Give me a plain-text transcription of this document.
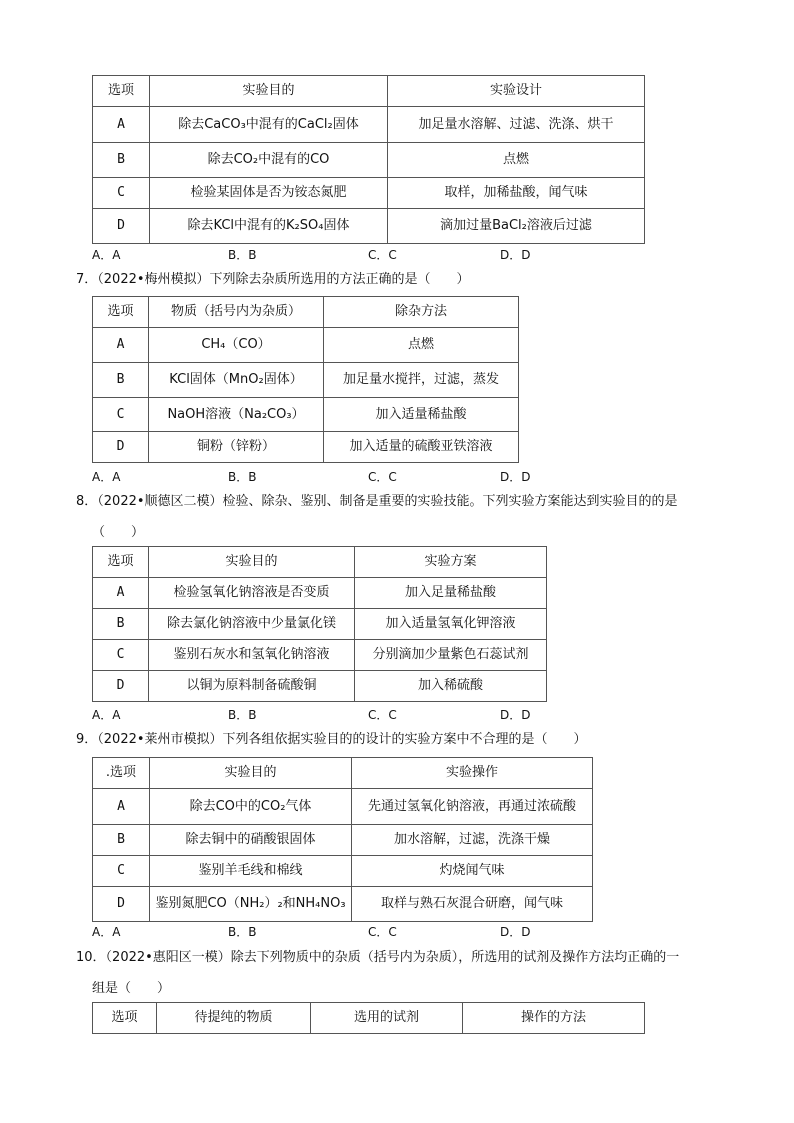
选项	实验目的	实验设计
A	除去CaCO₃中混有的CaCl₂固体	加足量水溶解、过滤、洗涤、烘干
B	除去CO₂中混有的CO	点燃
C	检验某固体是否为铵态氮肥	取样，加稀盐酸，闻气味
D	除去KCl中混有的K₂SO₄固体	滴加过量BaCl₂溶液后过滤
A．A	B．B	C．C	D．D
7．（2022•梅州模拟）下列除去杂质所选用的方法正确的是（　　）
选项	物质（括号内为杂质）	除杂方法
A	CH₄（CO）	点燃
B	KCl固体（MnO₂固体）	加足量水搅拌，过滤，蒸发
C	NaOH溶液（Na₂CO₃）	加入适量稀盐酸
D	铜粉（锌粉）	加入适量的硫酸亚铁溶液
A．A	B．B	C．C	D．D
8．（2022•顺德区二模）检验、除杂、鉴别、制备是重要的实验技能。下列实验方案能达到实验目的的是
（　　）
选项	实验目的	实验方案
A	检验氢氧化钠溶液是否变质	加入足量稀盐酸
B	除去氯化钠溶液中少量氯化镁	加入适量氢氧化钾溶液
C	鉴别石灰水和氢氧化钠溶液	分别滴加少量紫色石蕊试剂
D	以铜为原料制备硫酸铜	加入稀硫酸
A．A	B．B	C．C	D．D
9．（2022•莱州市模拟）下列各组依据实验目的的设计的实验方案中不合理的是（　　）
.选项	实验目的	实验操作
A	除去CO中的CO₂气体	先通过氢氧化钠溶液，再通过浓硫酸
B	除去铜中的硝酸银固体	加水溶解，过滤，洗涤干燥
C	鉴别羊毛线和棉线	灼烧闻气味
D	鉴别氮肥CO（NH₂）₂和NH₄NO₃	取样与熟石灰混合研磨，闻气味
A．A	B．B	C．C	D．D
10．（2022•惠阳区一模）除去下列物质中的杂质（括号内为杂质），所选用的试剂及操作方法均正确的一
组是（　　）
选项	待提纯的物质	选用的试剂	操作的方法
